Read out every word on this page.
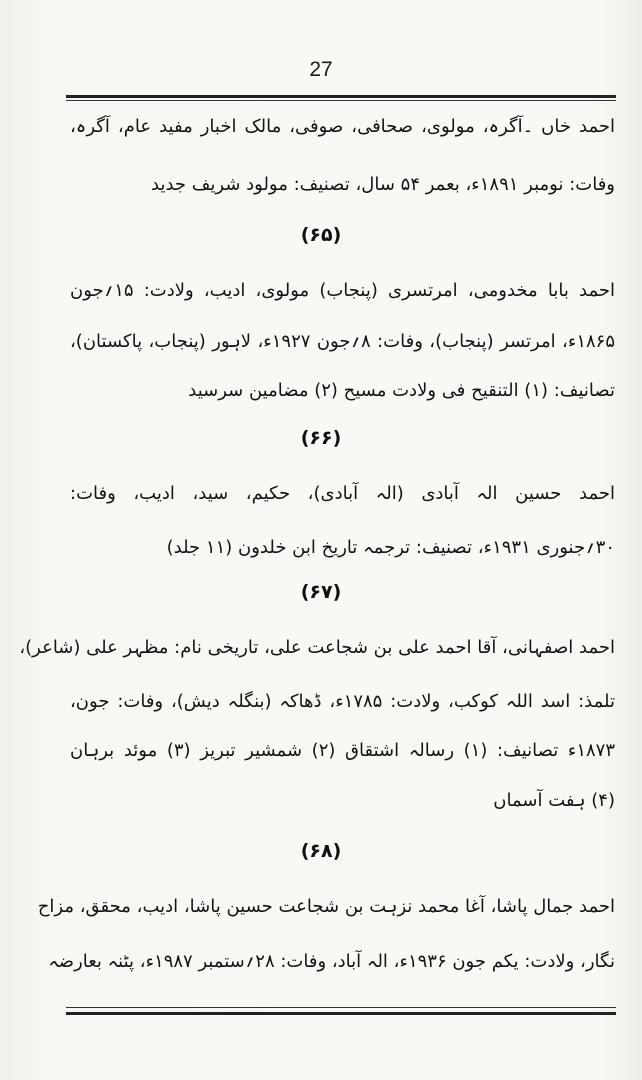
27
احمد خاں ۔آگرہ، مولوی، صحافی، صوفی، مالک اخبار مفید عام، آگرہ،
وفات: نومبر ۱۸۹۱ء، بعمر ۵۴ سال، تصنیف: مولود شریف جدید
(۶۵)
احمد بابا مخدومی، امرتسری (پنجاب) مولوی، ادیب، ولادت: ۱۵؍جون
۱۸۶۵ء، امرتسر (پنجاب)، وفات: ۸؍جون ۱۹۲۷ء، لاہور (پنجاب، پاکستان)،
تصانیف: (۱) التنقیح فی ولادت مسیح (۲) مضامین سرسید
(۶۶)
احمد حسین الہ آبادی (الہ آبادی)، حکیم، سید، ادیب، وفات:
۳۰؍جنوری ۱۹۳۱ء، تصنیف: ترجمہ تاریخ ابن خلدون (۱۱ جلد)
(۶۷)
احمد اصفہانی، آقا احمد علی بن شجاعت علی، تاریخی نام: مظہر علی (شاعر)،
تلمذ: اسد اللہ کوکب، ولادت: ۱۷۸۵ء، ڈھاکہ (بنگلہ دیش)، وفات: جون،
۱۸۷۳ء تصانیف: (۱) رسالہ اشتقاق (۲) شمشیر تبریز (۳) موئد برہان
(۴) ہفت آسماں
(۶۸)
احمد جمال پاشا، آغا محمد نزہت بن شجاعت حسین پاشا، ادیب، محقق، مزاح
نگار، ولادت: یکم جون ۱۹۳۶ء، الہ آباد، وفات: ۲۸؍ستمبر ۱۹۸۷ء، پٹنہ بعارضہ
